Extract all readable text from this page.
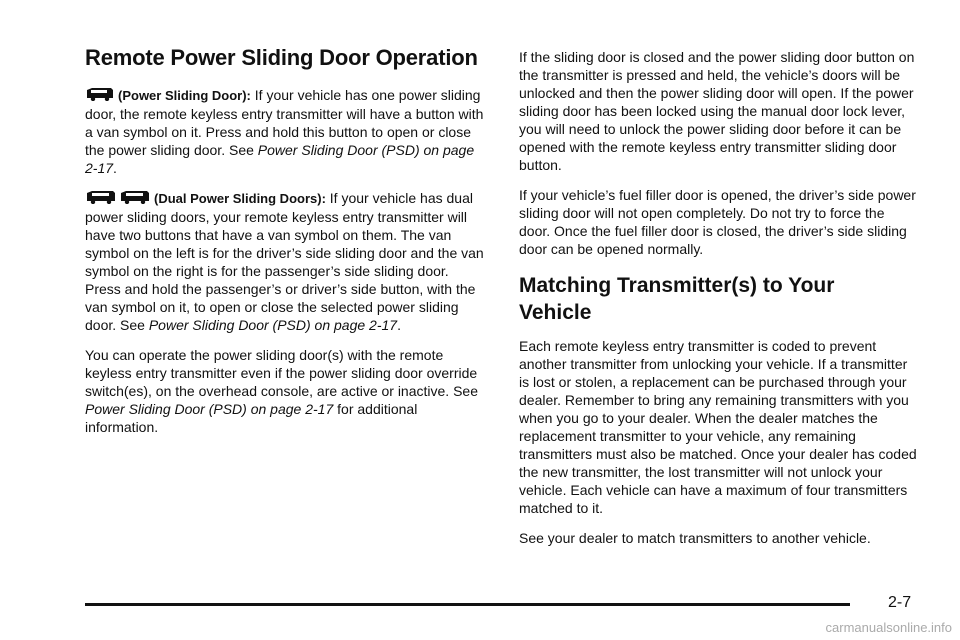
Remote Power Sliding Door Operation

(Power Sliding Door): If your vehicle has one power sliding door, the remote keyless entry transmitter will have a button with a van symbol on it. Press and hold this button to open or close the power sliding door. See Power Sliding Door (PSD) on page 2-17.

(Dual Power Sliding Doors): If your vehicle has dual power sliding doors, your remote keyless entry transmitter will have two buttons that have a van symbol on them. The van symbol on the left is for the driver’s side sliding door and the van symbol on the right is for the passenger’s side sliding door. Press and hold the passenger’s or driver’s side button, with the van symbol on it, to open or close the selected power sliding door. See Power Sliding Door (PSD) on page 2-17.

You can operate the power sliding door(s) with the remote keyless entry transmitter even if the power sliding door override switch(es), on the overhead console, are active or inactive. See Power Sliding Door (PSD) on page 2-17 for additional information.

If the sliding door is closed and the power sliding door button on the transmitter is pressed and held, the vehicle’s doors will be unlocked and then the power sliding door will open. If the power sliding door has been locked using the manual door lock lever, you will need to unlock the power sliding door before it can be opened with the remote keyless entry transmitter sliding door button.

If your vehicle’s fuel filler door is opened, the driver’s side power sliding door will not open completely. Do not try to force the door. Once the fuel filler door is closed, the driver’s side sliding door can be opened normally.

Matching Transmitter(s) to Your Vehicle

Each remote keyless entry transmitter is coded to prevent another transmitter from unlocking your vehicle. If a transmitter is lost or stolen, a replacement can be purchased through your dealer. Remember to bring any remaining transmitters with you when you go to your dealer. When the dealer matches the replacement transmitter to your vehicle, any remaining transmitters must also be matched. Once your dealer has coded the new transmitter, the lost transmitter will not unlock your vehicle. Each vehicle can have a maximum of four transmitters matched to it.

See your dealer to match transmitters to another vehicle.

2-7
carmanualsonline.info
